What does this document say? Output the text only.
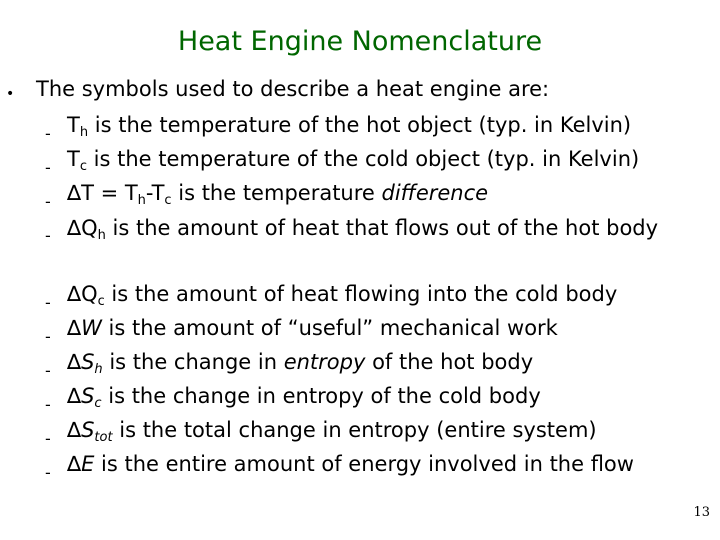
Heat Engine Nomenclature
• The symbols used to describe a heat engine are:
- $T_h$ is the temperature of the hot object (typ. in Kelvin)
- $T_c$ is the temperature of the cold object (typ. in Kelvin)
- $\Delta T = T_h-T_c$ is the temperature difference
- $\Delta Q_h$ is the amount of heat that flows out of the hot body
- $\Delta Q_c$ is the amount of heat flowing into the cold body
- ∆W is the amount of “useful” mechanical work
- $\Delta S_h$ is the change in entropy of the hot body
- $\Delta S_c$ is the change in entropy of the cold body
- $\Delta S_{tot}$ is the total change in entropy (entire system)
- ∆E is the entire amount of energy involved in the flow
13
